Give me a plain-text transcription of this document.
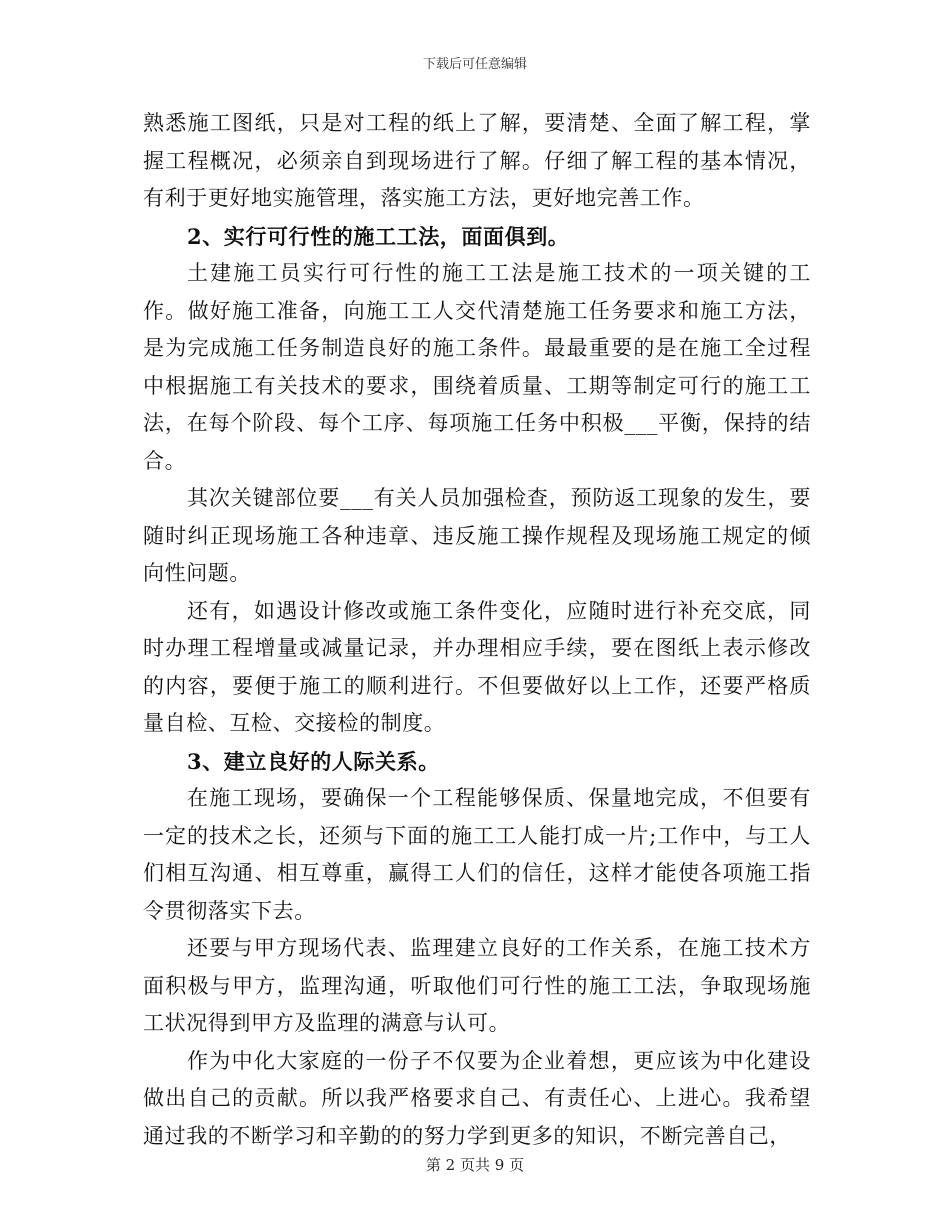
下载后可任意编辑

熟悉施工图纸，只是对工程的纸上了解，要清楚、全面了解工程，掌握工程概况，必须亲自到现场进行了解。仔细了解工程的基本情况，有利于更好地实施管理，落实施工方法，更好地完善工作。

2、实行可行性的施工工法，面面俱到。

土建施工员实行可行性的施工工法是施工技术的一项关键的工作。做好施工准备，向施工工人交代清楚施工任务要求和施工方法，是为完成施工任务制造良好的施工条件。最最重要的是在施工全过程中根据施工有关技术的要求，围绕着质量、工期等制定可行的施工工法，在每个阶段、每个工序、每项施工任务中积极___平衡，保持的结合。

其次关键部位要___有关人员加强检查，预防返工现象的发生，要随时纠正现场施工各种违章、违反施工操作规程及现场施工规定的倾向性问题。

还有，如遇设计修改或施工条件变化，应随时进行补充交底，同时办理工程增量或减量记录，并办理相应手续，要在图纸上表示修改的内容，要便于施工的顺利进行。不但要做好以上工作，还要严格质量自检、互检、交接检的制度。

3、建立良好的人际关系。

在施工现场，要确保一个工程能够保质、保量地完成，不但要有一定的技术之长，还须与下面的施工工人能打成一片;工作中，与工人们相互沟通、相互尊重，赢得工人们的信任，这样才能使各项施工指令贯彻落实下去。

还要与甲方现场代表、监理建立良好的工作关系，在施工技术方面积极与甲方，监理沟通，听取他们可行性的施工工法，争取现场施工状况得到甲方及监理的满意与认可。

作为中化大家庭的一份子不仅要为企业着想，更应该为中化建设做出自己的贡献。所以我严格要求自己、有责任心、上进心。我希望通过我的不断学习和辛勤的的努力学到更多的知识，不断完善自己，

第 2 页共 9 页
